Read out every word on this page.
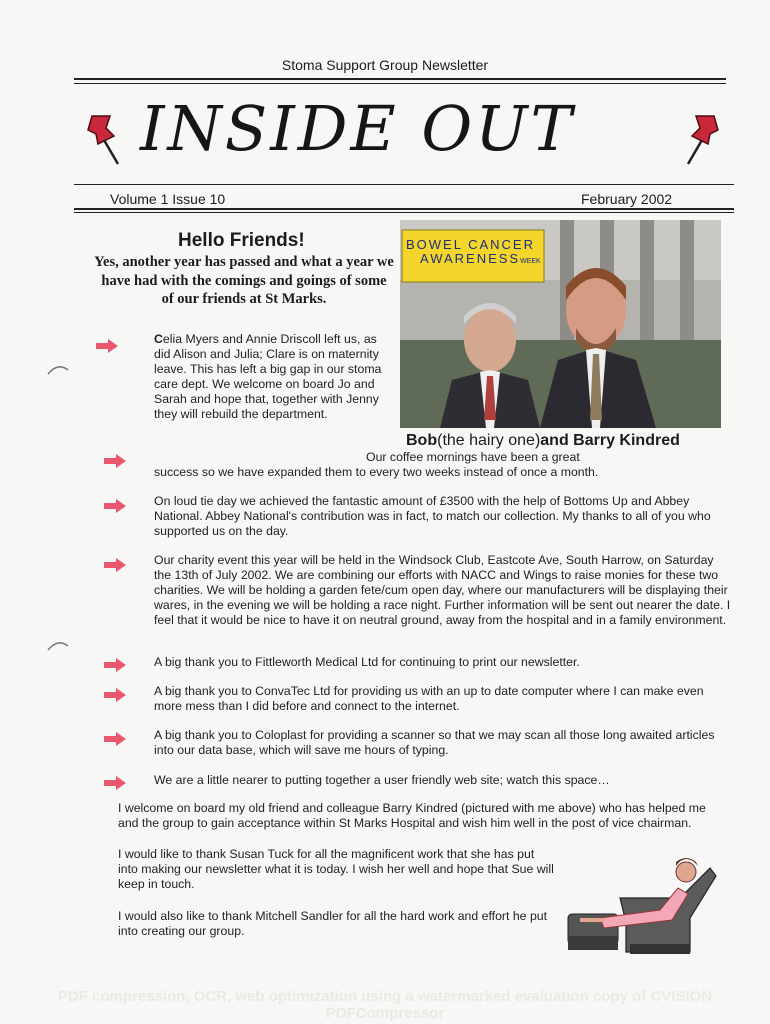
Stoma Support Group Newsletter
INSIDE OUT
Volume 1 Issue 10	February 2002
Hello Friends!
Yes, another year has passed and what a year we have had with the comings and goings of some of our friends at St Marks.
BOWEL CANCER
AWARENESSWEEK
Bob(the hairy one)and Barry Kindred
Celia Myers and Annie Driscoll left us, as did Alison and Julia; Clare is on maternity leave. This has left a big gap in our stoma care dept. We welcome on board Jo and Sarah and hope that, together with Jenny they will rebuild the department.
Our coffee mornings have been a great success so we have expanded them to every two weeks instead of once a month.
On loud tie day we achieved the fantastic amount of £3500 with the help of Bottoms Up and Abbey National. Abbey National's contribution was in fact, to match our collection. My thanks to all of you who supported us on the day.
Our charity event this year will be held in the Windsock Club, Eastcote Ave, South Harrow, on Saturday the 13th of July 2002. We are combining our efforts with NACC and Wings to raise monies for these two charities. We will be holding a garden fete/cum open day, where our manufacturers will be displaying their wares, in the evening we will be holding a race night. Further information will be sent out nearer the date. I feel that it would be nice to have it on neutral ground, away from the hospital and in a family environment.
A big thank you to Fittleworth Medical Ltd for continuing to print our newsletter.
A big thank you to ConvaTec Ltd for providing us with an up to date computer where I can make even more mess than I did before and connect to the internet.
A big thank you to Coloplast for providing a scanner so that we may scan all those long awaited articles into our data base, which will save me hours of typing.
We are a little nearer to putting together a user friendly web site; watch this space…
I welcome on board my old friend and colleague Barry Kindred (pictured with me above) who has helped me and the group to gain acceptance within St Marks Hospital and wish him well in the post of vice chairman.
I would like to thank Susan Tuck for all the magnificent work that she has put into making our newsletter what it is today. I wish her well and hope that Sue will keep in touch.
I would also like to thank Mitchell Sandler for all the hard work and effort he put into creating our group.
PDF compression, OCR, web optimization using a watermarked evaluation copy of CVISION PDFCompressor
